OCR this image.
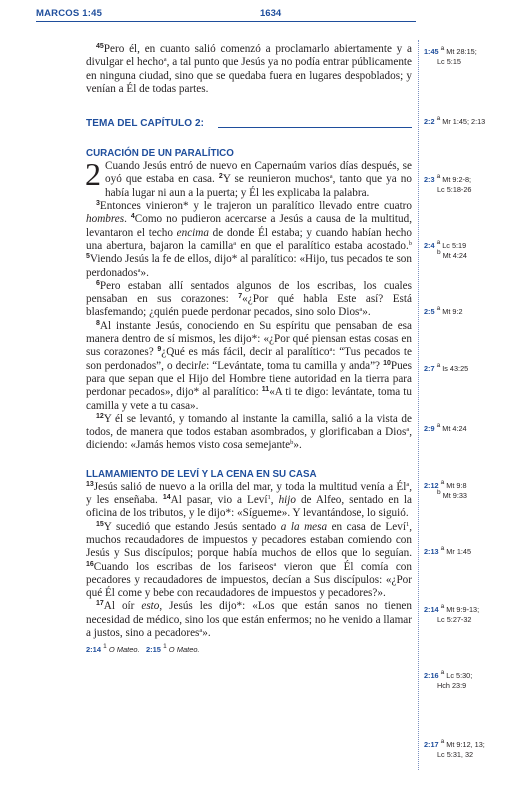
MARCOS 1:45	1634

$^{45}$Pero él, en cuanto salió comenzó a proclamarlo abiertamente y a divulgar el hecho$^a$, a tal punto que Jesús ya no podía entrar públicamente en ninguna ciudad, sino que se quedaba fuera en lugares despoblados; y venían a Él de todas partes.

TEMA DEL CAPÍTULO 2:
CURACIÓN DE UN PARALÍTICO

2 Cuando Jesús entró de nuevo en Capernaúm varios días después, se oyó que estaba en casa. $^2$Y se reunieron muchos$^a$, tanto que ya no había lugar ni aun a la puerta; y Él les explicaba la palabra.

$^3$Entonces vinieron* y le trajeron un paralítico llevado entre cuatro hombres. $^4$Como no pudieron acercarse a Jesús a causa de la multitud, levantaron el techo encima de donde Él estaba; y cuando habían hecho una abertura, bajaron la camilla$^a$ en que el paralítico estaba acostado.$^b$ $^5$Viendo Jesús la fe de ellos, dijo* al paralítico: «Hijo, tus pecados te son perdonados$^a$».

$^6$Pero estaban allí sentados algunos de los escribas, los cuales pensaban en sus corazones: $^7$«¿Por qué habla Este así? Está blasfemando; ¿quién puede perdonar pecados, sino solo Dios$^a$».

$^8$Al instante Jesús, conociendo en Su espíritu que pensaban de esa manera dentro de sí mismos, les dijo*: «¿Por qué piensan estas cosas en sus corazones? $^9$¿Qué es más fácil, decir al paralítico$^a$: “Tus pecados te son perdonados”, o decirle: “Levántate, toma tu camilla y anda”? $^{10}$Pues para que sepan que el Hijo del Hombre tiene autoridad en la tierra para perdonar pecados», dijo* al paralítico: $^{11}$«A ti te digo: levántate, toma tu camilla y vete a tu casa».

$^{12}$Y él se levantó, y tomando al instante la camilla, salió a la vista de todos, de manera que todos estaban asombrados, y glorificaban a Dios$^a$, diciendo: «Jamás hemos visto cosa semejante$^b$».

LLAMAMIENTO DE LEVÍ Y LA CENA EN SU CASA

$^{13}$Jesús salió de nuevo a la orilla del mar, y toda la multitud venía a $Él^a$, y les enseñaba. $^{14}$Al pasar, vio a Leví$^1$, hijo de Alfeo, sentado en la oficina de los tributos, y le dijo*: «Sígueme». Y levantándose, lo siguió.

$^{15}$Y sucedió que estando Jesús sentado a la mesa en casa de Leví$^1$, muchos recaudadores de impuestos y pecadores estaban comiendo con Jesús y Sus discípulos; porque había muchos de ellos que lo seguían. $^{16}$Cuando los escribas de los fariseos$^a$ vieron que Él comía con pecadores y recaudadores de impuestos, decían a Sus discípulos: «¿Por qué Él come y bebe con recaudadores de impuestos y pecadores?».

$^{17}$Al oír esto, Jesús les dijo*: «Los que están sanos no tienen necesidad de médico, sino los que están enfermos; no he venido a llamar a justos, sino a pecadores$^a$».

2:14 $^1$ O Mateo. 2:15 $^1$ O Mateo.
1:45 $^a$ Mt 28:15;
Lc 5:15
2:2 $^a$ Mr 1:45; 2:13
2:3 $^a$ Mt 9:2-8;
Lc 5:18-26
2:4 $^a$ Lc 5:19
$^b$ Mt 4:24
2:5 $^a$ Mt 9:2
2:7 $^a$ Is 43:25
2:9 $^a$ Mt 4:24
2:12 $^a$ Mt 9:8
$^b$ Mt 9:33
2:13 $^a$ Mr 1:45
2:14 $^a$ Mt 9:9-13;
Lc 5:27-32
2:16 $^a$ Lc 5:30;
Hch 23:9
2:17 $^a$ Mt 9:12, 13;
Lc 5:31, 32
